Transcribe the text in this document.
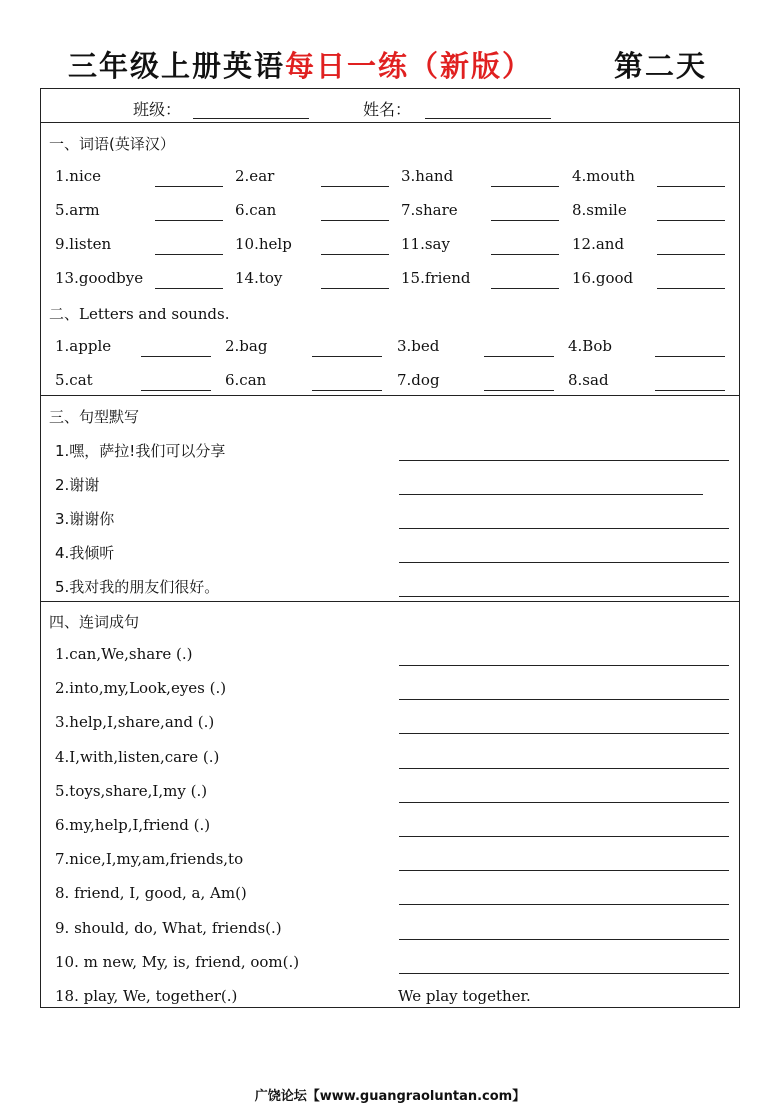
三年级上册英语每日一练（新版）	第二天
班级：	姓名：
一、词语(英译汉）
二、Letters and sounds.
三、句型默写
四、连词成句
1.nice	2.ear	3.hand	4.mouth
5.arm	6.can	7.share	8.smile
9.listen	10.help	11.say	12.and
13.goodbye	14.toy	15.friend	16.good
1.apple	2.bag	3.bed	4.Bob
5.cat	6.can	7.dog	8.sad
1.嘿，萨拉!我们可以分享
2.谢谢
3.谢谢你
4.我倾听
5.我对我的朋友们很好。
1.can,We,share (.)
2.into,my,Look,eyes (.)
3.help,I,share,and (.)
4.I,with,listen,care (.)
5.toys,share,I,my (.)
6.my,help,I,friend (.)
7.nice,I,my,am,friends,to
8. friend, I, good, a, Am()
9. should, do, What, friends(.)
10. m new, My, is, friend, oom(.)
18. play, We, together(.)	We play together.
广饶论坛【www.guangraoluntan.com】
